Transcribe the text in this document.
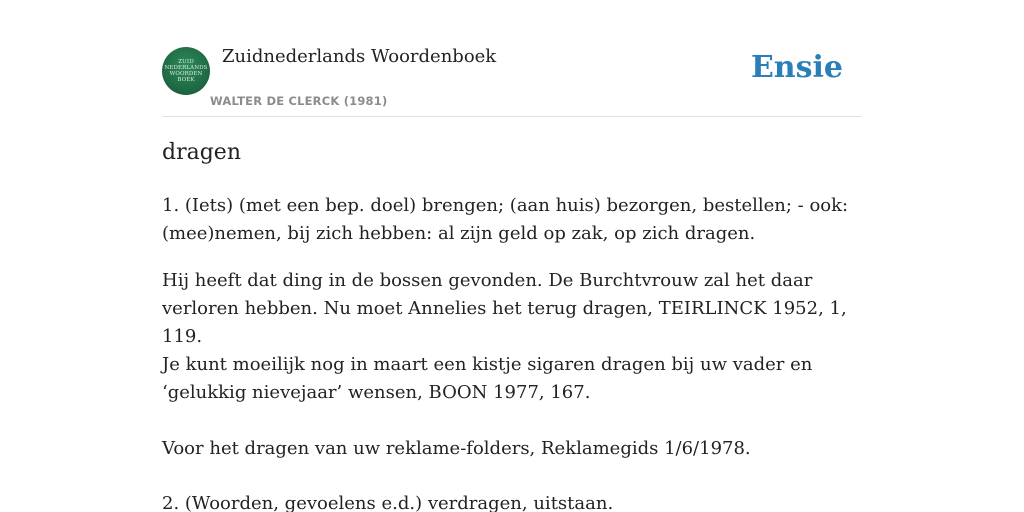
ZUID
NEDERLANDS
WOORDEN
BOEK
Zuidnederlands Woordenboek
WALTER DE CLERCK (1981)
Ensie
dragen

1. (Iets) (met een bep. doel) brengen; (aan huis) bezorgen, bestellen; - ook: (mee)nemen, bij zich hebben: al zijn geld op zak, op zich dragen.

Hij heeft dat ding in de bossen gevonden. De Burchtvrouw zal het daar verloren hebben. Nu moet Annelies het terug dragen, TEIRLINCK 1952, 1, 119.

Je kunt moeilijk nog in maart een kistje sigaren dragen bij uw vader en ‘gelukkig nievejaar’ wensen, BOON 1977, 167.

Voor het dragen van uw reklame-folders, Reklamegids 1/6/1978.

2. (Woorden, gevoelens e.d.) verdragen, uitstaan.
